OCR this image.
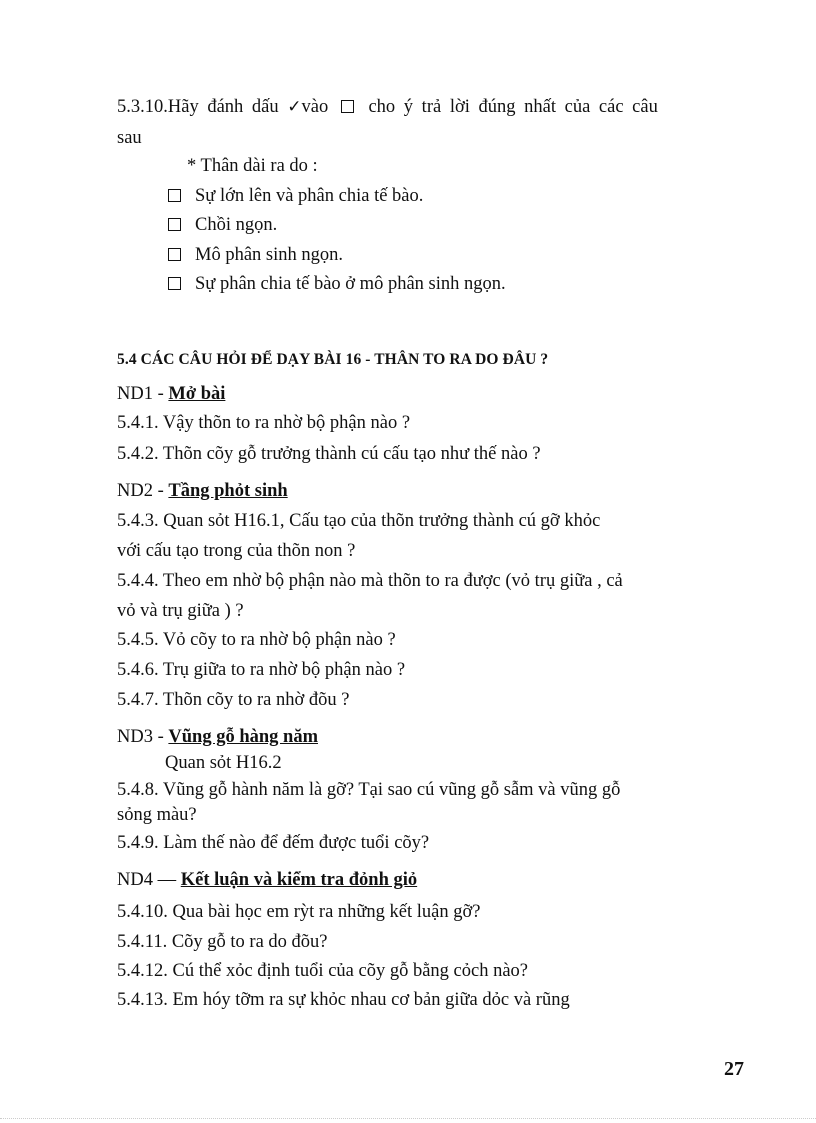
5.3.10.Hãy đánh dấu ✓vào cho ý trả lời đúng nhất của các câu
sau
* Thân dài ra do :
Sự lớn lên và phân chia tế bào.
Chồi ngọn.
Mô phân sinh ngọn.
Sự phân chia tế bào ở mô phân sinh ngọn.
5.4 CÁC CÂU HỎI ĐỂ DẠY BÀI 16 - THÂN TO RA DO ĐÂU ?
ND1 - Mở bài
5.4.1. Vậy thõn to ra nhờ bộ phận nào ?
5.4.2. Thõn cõy gỗ trưởng thành cú cấu tạo như thế nào ?
ND2 - Tầng phỏt sinh
5.4.3. Quan sỏt H16.1, Cấu tạo của thõn trưởng thành cú gỡ khỏc
với cấu tạo trong của thõn non ?
5.4.4. Theo em nhờ bộ phận nào mà thõn to ra được (vỏ trụ giữa , cả
vỏ và trụ giữa ) ?
5.4.5. Vỏ cõy to ra nhờ bộ phận nào ?
5.4.6. Trụ giữa to ra nhờ bộ phận nào ?
5.4.7. Thõn cõy to ra nhờ đõu ?
ND3 - Vũng gỗ hàng năm
Quan sỏt H16.2
5.4.8. Vũng gỗ hành năm là gỡ? Tại sao cú vũng gỗ sẫm và vũng gỗ
sỏng màu?
5.4.9. Làm thế nào để đếm được tuổi cõy?
ND4 — Kết luận và kiểm tra đỏnh giỏ
5.4.10. Qua bài học em rỳt ra những kết luận gỡ?
5.4.11. Cõy gỗ to ra do đõu?
5.4.12. Cú thể xỏc định tuổi của cõy gỗ bằng cỏch nào?
5.4.13. Em hóy tỡm ra sự khỏc nhau cơ bản giữa dỏc và rũng
27
